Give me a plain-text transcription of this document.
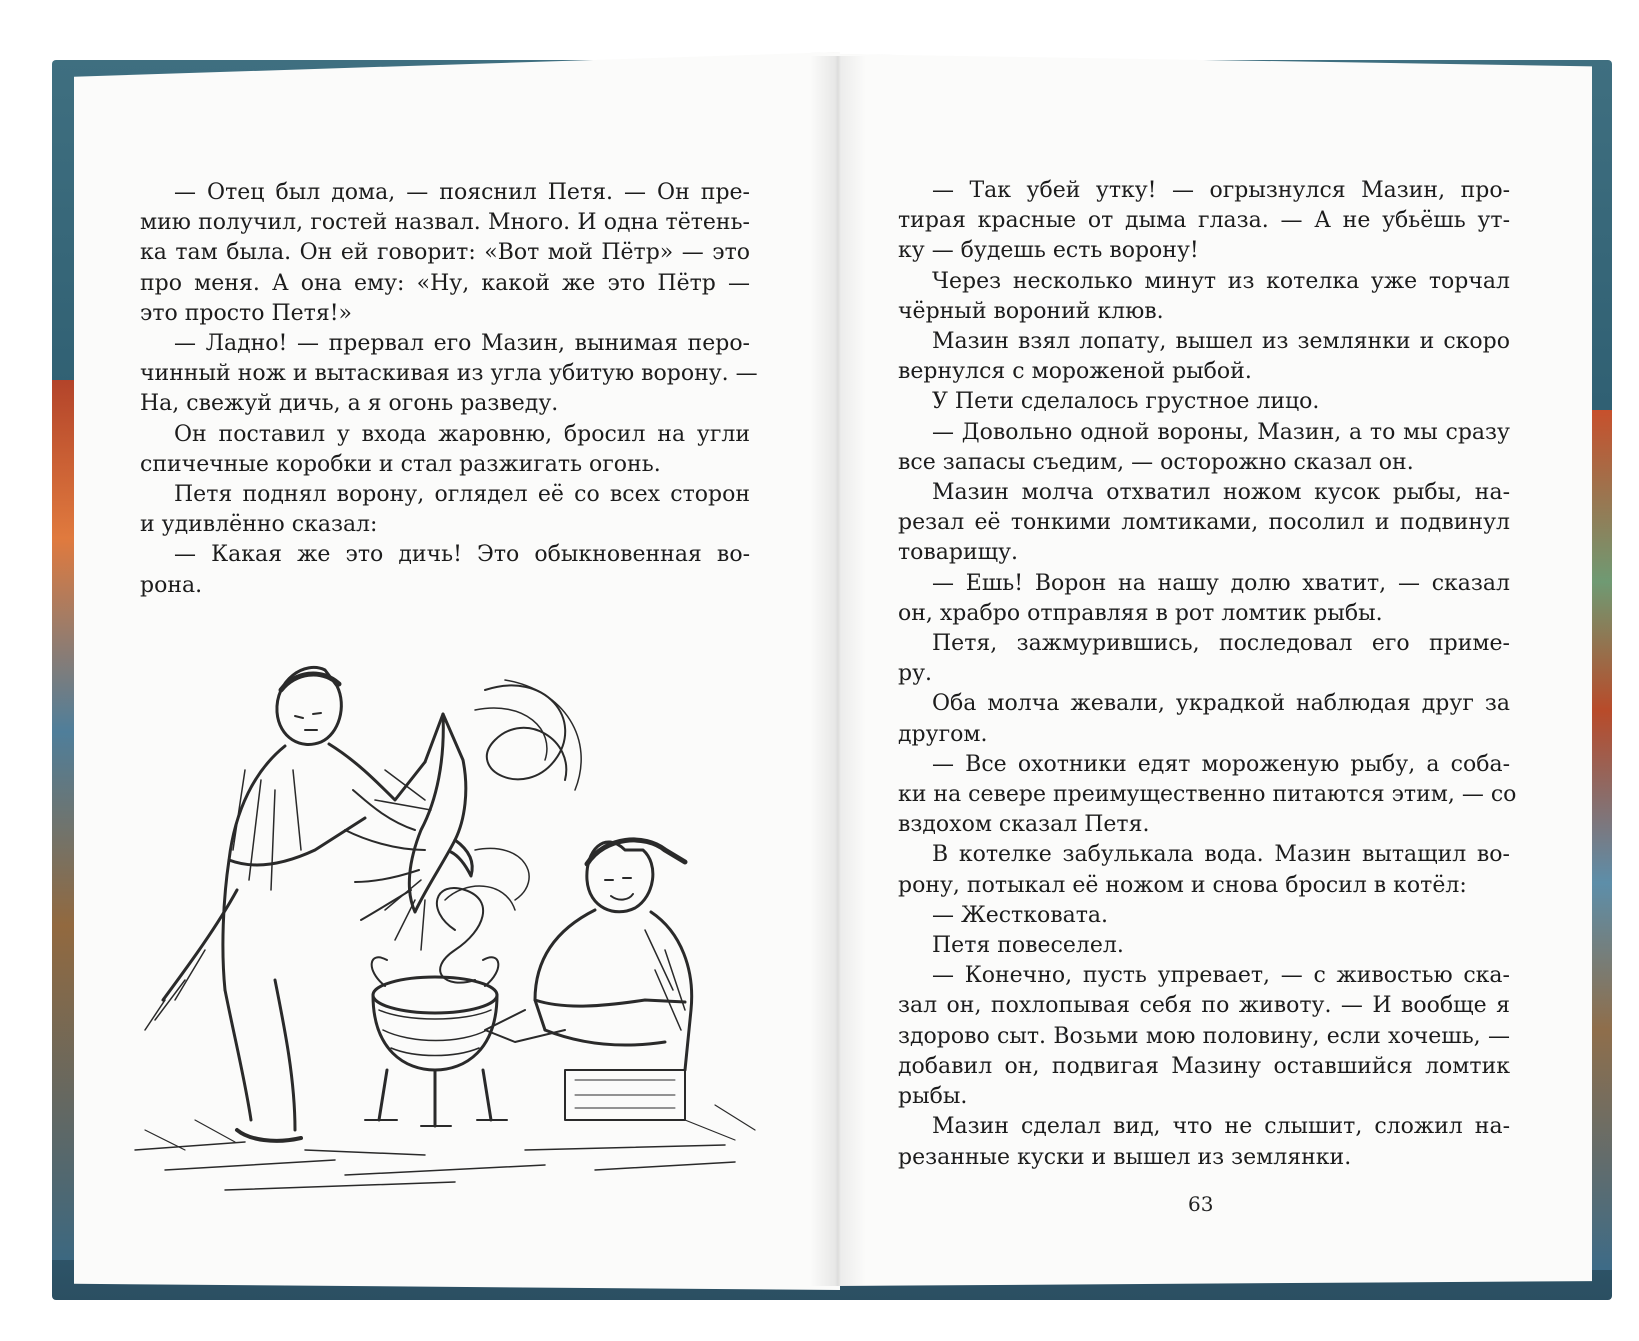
— Отец был дома, — пояснил Петя. — Он пре-
мию получил, гостей назвал. Много. И одна тётень-
ка там была. Он ей говорит: «Вот мой Пётр» — это
про меня. А она ему: «Ну, какой же это Пётр —
это просто Петя!»
— Ладно! — прервал его Мазин, вынимая перо-
чинный нож и вытаскивая из угла убитую ворону. —
На, свежуй дичь, а я огонь разведу.
Он поставил у входа жаровню, бросил на угли
спичечные коробки и стал разжигать огонь.
Петя поднял ворону, оглядел её со всех сторон
и удивлённо сказал:
— Какая же это дичь! Это обыкновенная во-
рона.
— Так убей утку! — огрызнулся Мазин, про-
тирая красные от дыма глаза. — А не убьёшь ут-
ку — будешь есть ворону!
Через несколько минут из котелка уже торчал
чёрный вороний клюв.
Мазин взял лопату, вышел из землянки и скоро
вернулся с мороженой рыбой.
У Пети сделалось грустное лицо.
— Довольно одной вороны, Мазин, а то мы сразу
все запасы съедим, — осторожно сказал он.
Мазин молча отхватил ножом кусок рыбы, на-
резал её тонкими ломтиками, посолил и подвинул
товарищу.
— Ешь! Ворон на нашу долю хватит, — сказал
он, храбро отправляя в рот ломтик рыбы.
Петя, зажмурившись, последовал его приме-
ру.
Оба молча жевали, украдкой наблюдая друг за
другом.
— Все охотники едят мороженую рыбу, а соба-
ки на севере преимущественно питаются этим, — со
вздохом сказал Петя.
В котелке забулькала вода. Мазин вытащил во-
рону, потыкал её ножом и снова бросил в котёл:
— Жестковата.
Петя повеселел.
— Конечно, пусть упревает, — с живостью ска-
зал он, похлопывая себя по животу. — И вообще я
здорово сыт. Возьми мою половину, если хочешь, —
добавил он, подвигая Мазину оставшийся ломтик
рыбы.
Мазин сделал вид, что не слышит, сложил на-
резанные куски и вышел из землянки.
63
